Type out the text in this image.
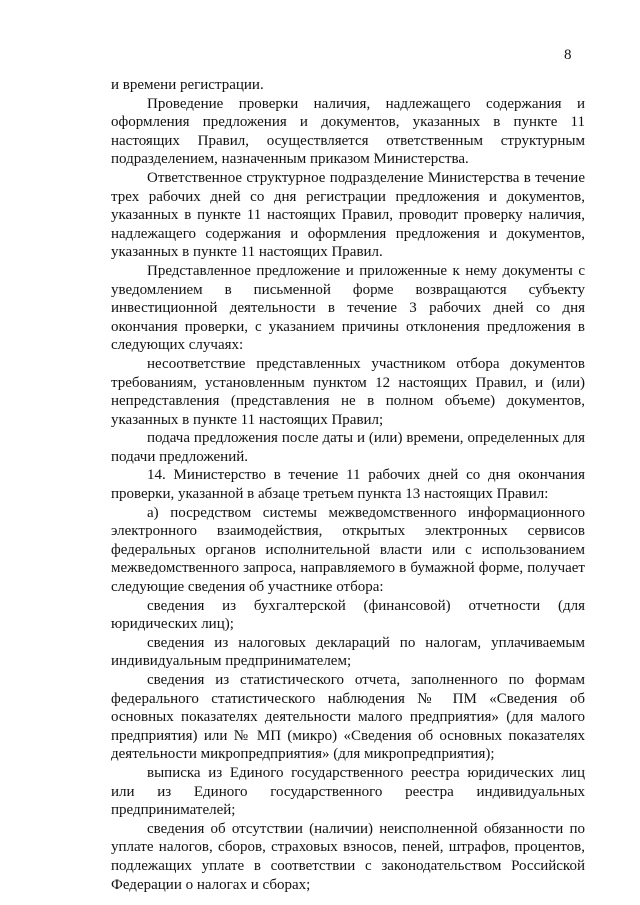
8

и времени регистрации.

Проведение проверки наличия, надлежащего содержания и оформления предложения и документов, указанных в пункте 11 настоящих Правил, осуществляется ответственным структурным подразделением, назначенным приказом Министерства.

Ответственное структурное подразделение Министерства в течение трех рабочих дней со дня регистрации предложения и документов, указанных в пункте 11 настоящих Правил, проводит проверку наличия, надлежащего содержания и оформления предложения и документов, указанных в пункте 11 настоящих Правил.

Представленное предложение и приложенные к нему документы с уведомлением в письменной форме возвращаются субъекту инвестиционной деятельности в течение 3 рабочих дней со дня окончания проверки, с указанием причины отклонения предложения в следующих случаях:

несоответствие представленных участником отбора документов требованиям, установленным пунктом 12 настоящих Правил, и (или) непредставления (представления не в полном объеме) документов, указанных в пункте 11 настоящих Правил;

подача предложения после даты и (или) времени, определенных для подачи предложений.

14. Министерство в течение 11 рабочих дней со дня окончания проверки, указанной в абзаце третьем пункта 13 настоящих Правил:

а) посредством системы межведомственного информационного электронного взаимодействия, открытых электронных сервисов федеральных органов исполнительной власти или с использованием межведомственного запроса, направляемого в бумажной форме, получает следующие сведения об участнике отбора:

сведения из бухгалтерской (финансовой) отчетности (для юридических лиц);

сведения из налоговых деклараций по налогам, уплачиваемым индивидуальным предпринимателем;

сведения из статистического отчета, заполненного по формам федерального статистического наблюдения № ПМ «Сведения об основных показателях деятельности малого предприятия» (для малого предприятия) или № МП (микро) «Сведения об основных показателях деятельности микропредприятия» (для микропредприятия);

выписка из Единого государственного реестра юридических лиц или из Единого государственного реестра индивидуальных предпринимателей;

сведения об отсутствии (наличии) неисполненной обязанности по уплате налогов, сборов, страховых взносов, пеней, штрафов, процентов, подлежащих уплате в соответствии с законодательством Российской Федерации о налогах и сборах;
